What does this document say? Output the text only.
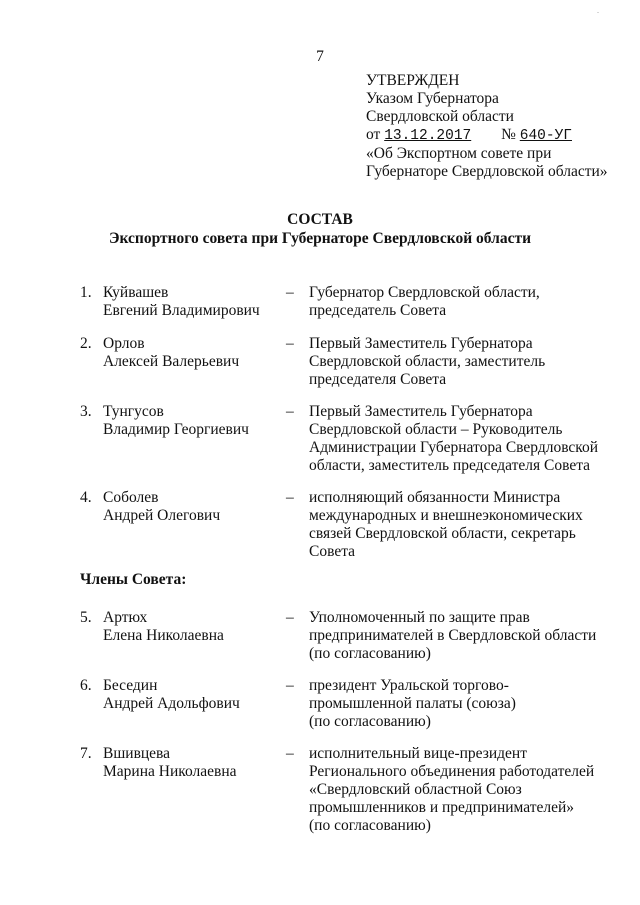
.
7
УТВЕРЖДЕН
Указом Губернатора
Свердловской области
от 13.12.2017 № 640-УГ
«Об Экспортном совете при
Губернаторе Свердловской области»
СОСТАВ
Экспортного совета при Губернаторе Свердловской области
1. Куйвашев
Евгений Владимирович
– Губернатор Свердловской области,
председатель Совета
2. Орлов
Алексей Валерьевич
– Первый Заместитель Губернатора
Свердловской области, заместитель
председателя Совета
3. Тунгусов
Владимир Георгиевич
– Первый Заместитель Губернатора
Свердловской области – Руководитель
Администрации Губернатора Свердловской
области, заместитель председателя Совета
4. Соболев
Андрей Олегович
– исполняющий обязанности Министра
международных и внешнеэкономических
связей Свердловской области, секретарь
Совета
Члены Совета:
5. Артюх
Елена Николаевна
– Уполномоченный по защите прав
предпринимателей в Свердловской области
(по согласованию)
6. Беседин
Андрей Адольфович
– президент Уральской торгово-
промышленной палаты (союза)
(по согласованию)
7. Вшивцева
Марина Николаевна
– исполнительный вице-президент
Регионального объединения работодателей
«Свердловский областной Союз
промышленников и предпринимателей»
(по согласованию)
